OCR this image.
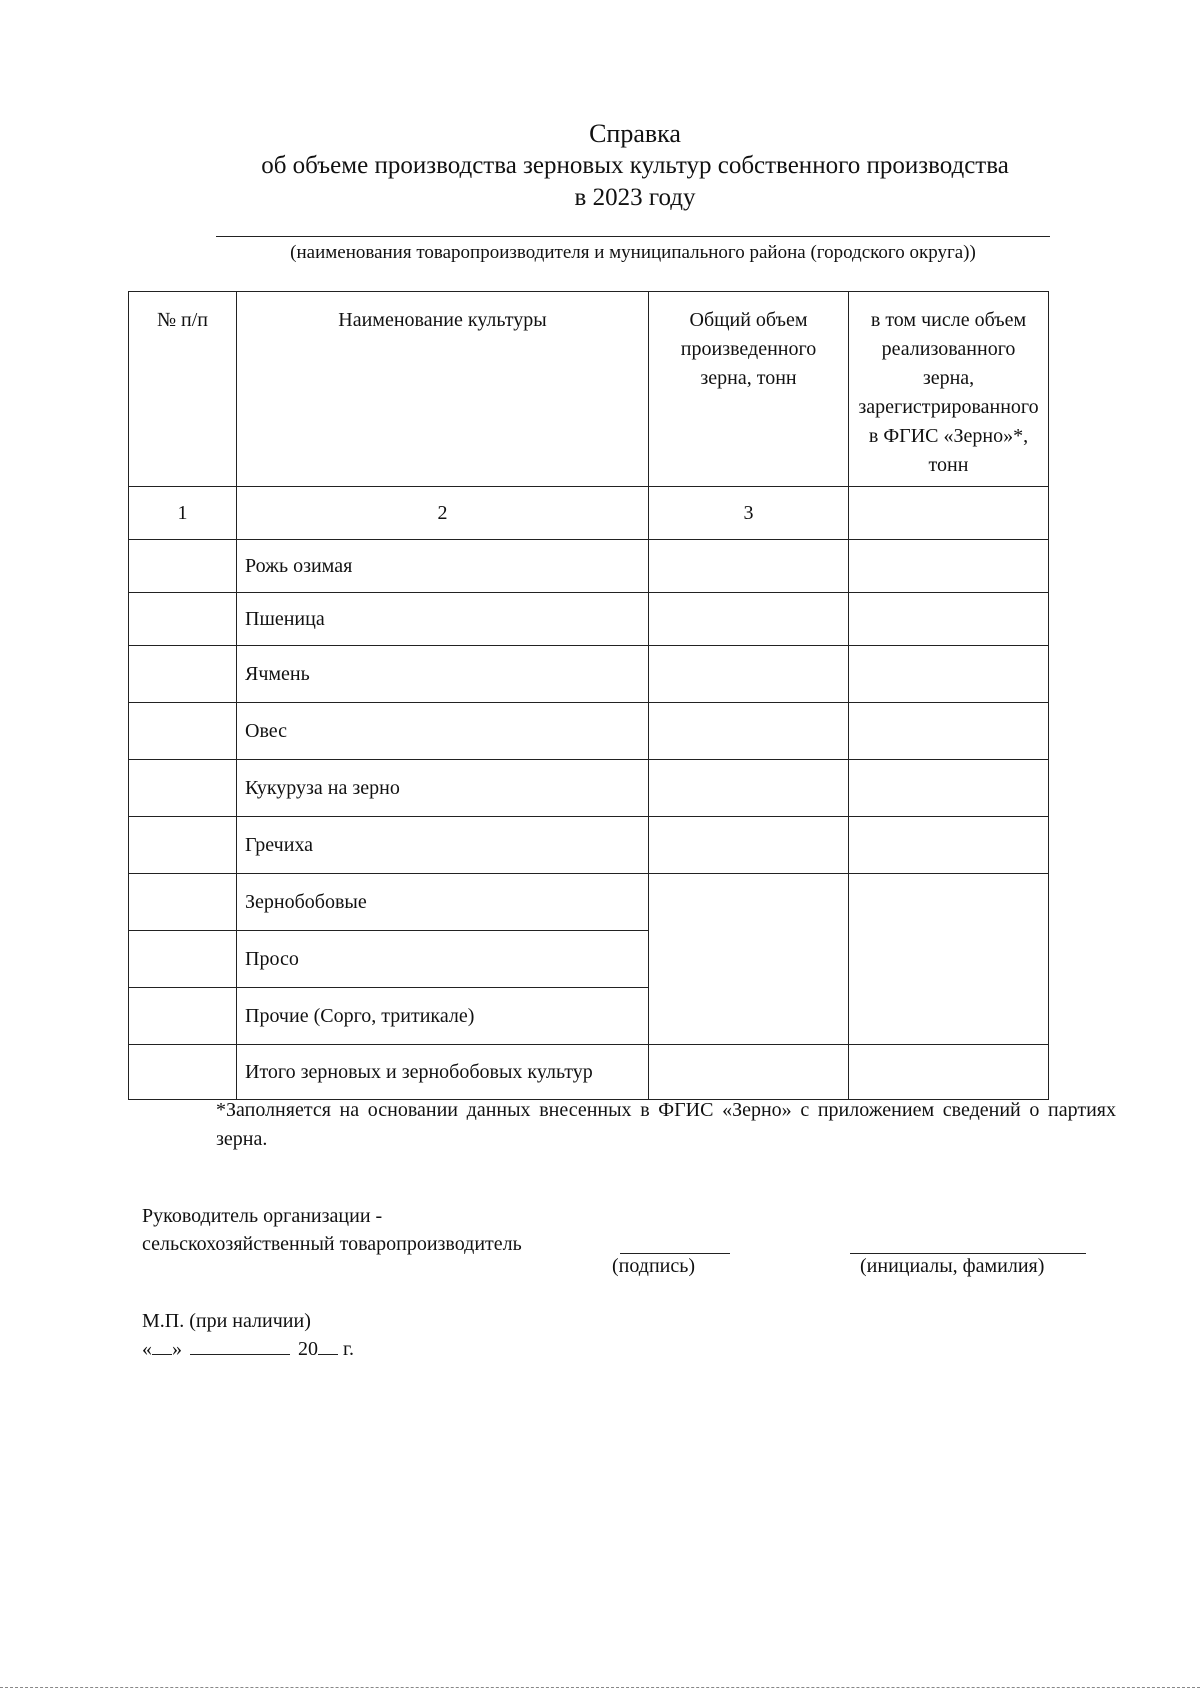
Справка
об объеме производства зерновых культур собственного производства
в 2023 году
(наименования товаропроизводителя и муниципального района (городского округа))
№ п/п	Наименование культуры	Общий объем произведенного зерна, тонн	в том числе объем реализованного зерна, зарегистрированного в ФГИС «Зерно»*, тонн
1	2	3	
	Рожь озимая		
	Пшеница		
	Ячмень		
	Овес		
	Кукуруза на зерно		
	Гречиха		
	Зернобобовые		
	Просо		
	Прочие (Сорго, тритикале)		
	Итого зерновых и зернобобовых культур		
*Заполняется на основании данных внесенных в ФГИС «Зерно» с приложением сведений о партиях зерна.
Руководитель организации -
сельскохозяйственный товаропроизводитель
(подпись)	(инициалы, фамилия)
М.П. (при наличии)
« »	20 г.
